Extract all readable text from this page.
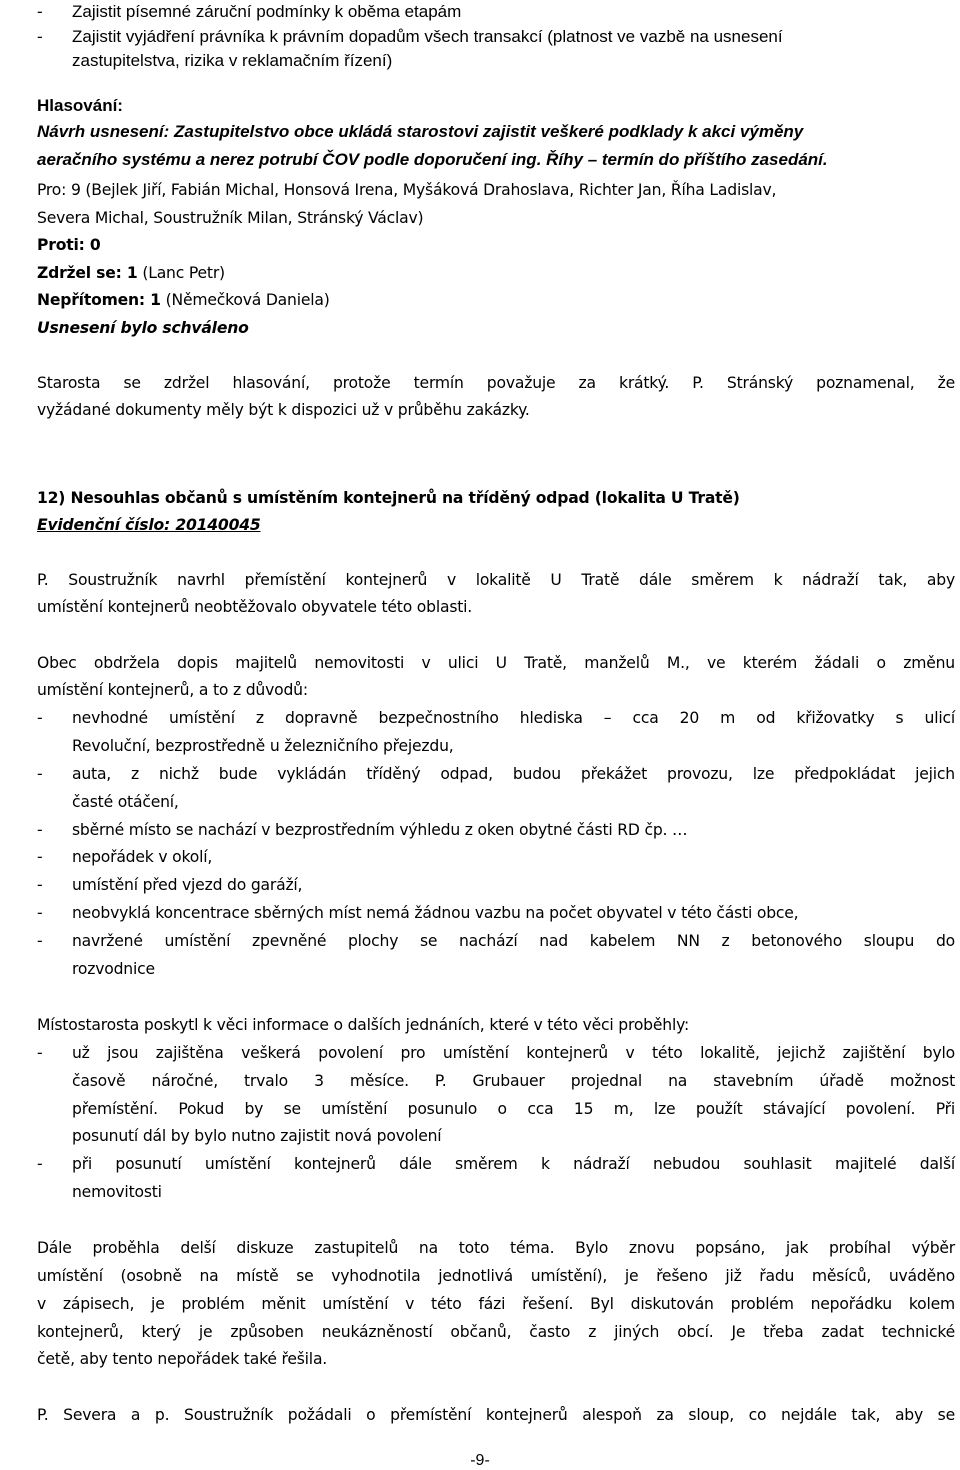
- Zajistit písemné záruční podmínky k oběma etapám
- Zajistit vyjádření právníka k právním dopadům všech transakcí (platnost ve vazbě na usnesení
zastupitelstva, rizika v reklamačním řízení)
Hlasování:
Návrh usnesení: Zastupitelstvo obce ukládá starostovi zajistit veškeré podklady k akci výměny
aeračního systému a nerez potrubí ČOV podle doporučení ing. Říhy – termín do příštího zasedání.
Pro: 9 (Bejlek Jiří, Fabián Michal, Honsová Irena, Myšáková Drahoslava, Richter Jan, Říha Ladislav,
Severa Michal, Soustružník Milan, Stránský Václav)
Proti: 0
Zdržel se: 1 (Lanc Petr)
Nepřítomen: 1 (Němečková Daniela)
Usnesení bylo schváleno
Starosta se zdržel hlasování, protože termín považuje za krátký. P. Stránský poznamenal, že
vyžádané dokumenty měly být k dispozici už v průběhu zakázky.
12) Nesouhlas občanů s umístěním kontejnerů na tříděný odpad (lokalita U Tratě)
Evidenční číslo: 20140045
P. Soustružník navrhl přemístění kontejnerů v lokalitě U Tratě dále směrem k nádraží tak, aby
umístění kontejnerů neobtěžovalo obyvatele této oblasti.
Obec obdržela dopis majitelů nemovitosti v ulici U Tratě, manželů M., ve kterém žádali o změnu
umístění kontejnerů, a to z důvodů:
- nevhodné umístění z dopravně bezpečnostního hlediska – cca 20 m od křižovatky s ulicí
Revoluční, bezprostředně u železničního přejezdu,
- auta, z nichž bude vykládán tříděný odpad, budou překážet provozu, lze předpokládat jejich
časté otáčení,
- sběrné místo se nachází v bezprostředním výhledu z oken obytné části RD čp. …
- nepořádek v okolí,
- umístění před vjezd do garáží,
- neobvyklá koncentrace sběrných míst nemá žádnou vazbu na počet obyvatel v této části obce,
- navržené umístění zpevněné plochy se nachází nad kabelem NN z betonového sloupu do
rozvodnice
Místostarosta poskytl k věci informace o dalších jednáních, které v této věci proběhly:
- už jsou zajištěna veškerá povolení pro umístění kontejnerů v této lokalitě, jejichž zajištění bylo
časově náročné, trvalo 3 měsíce. P. Grubauer projednal na stavebním úřadě možnost
přemístění. Pokud by se umístění posunulo o cca 15 m, lze použít stávající povolení. Při
posunutí dál by bylo nutno zajistit nová povolení
- při posunutí umístění kontejnerů dále směrem k nádraží nebudou souhlasit majitelé další
nemovitosti
Dále proběhla delší diskuze zastupitelů na toto téma. Bylo znovu popsáno, jak probíhal výběr
umístění (osobně na místě se vyhodnotila jednotlivá umístění), je řešeno již řadu měsíců, uváděno
v zápisech, je problém měnit umístění v této fázi řešení. Byl diskutován problém nepořádku kolem
kontejnerů, který je způsoben neukázněností občanů, často z jiných obcí. Je třeba zadat technické
četě, aby tento nepořádek také řešila.
P. Severa a p. Soustružník požádali o přemístění kontejnerů alespoň za sloup, co nejdále tak, aby se
-9-
